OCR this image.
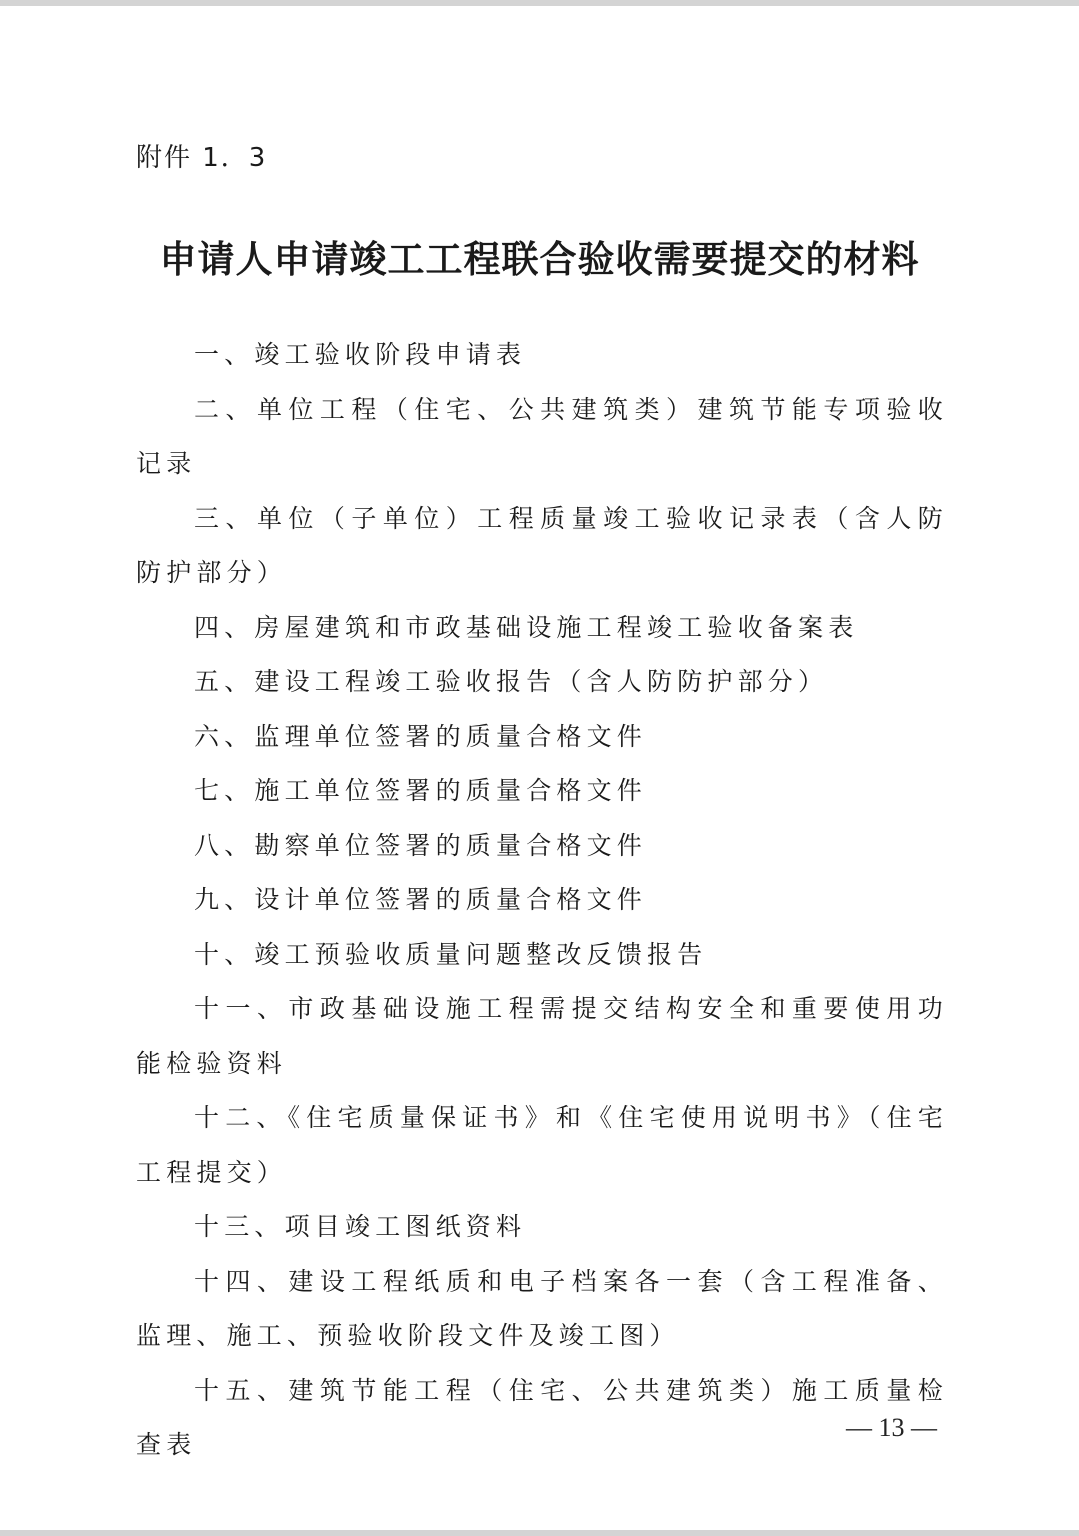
附件 1．3
申请人申请竣工工程联合验收需要提交的材料

一、竣工验收阶段申请表

二、单位工程（住宅、公共建筑类）建筑节能专项验收记录

三、单位（子单位）工程质量竣工验收记录表（含人防防护部分）

四、房屋建筑和市政基础设施工程竣工验收备案表

五、建设工程竣工验收报告（含人防防护部分）

六、监理单位签署的质量合格文件

七、施工单位签署的质量合格文件

八、勘察单位签署的质量合格文件

九、设计单位签署的质量合格文件

十、竣工预验收质量问题整改反馈报告

十一、市政基础设施工程需提交结构安全和重要使用功能检验资料

十二、《住宅质量保证书》和《住宅使用说明书》（住宅工程提交）

十三、项目竣工图纸资料

十四、建设工程纸质和电子档案各一套（含工程准备、监理、施工、预验收阶段文件及竣工图）

十五、建筑节能工程（住宅、公共建筑类）施工质量检查表

— 13 —
